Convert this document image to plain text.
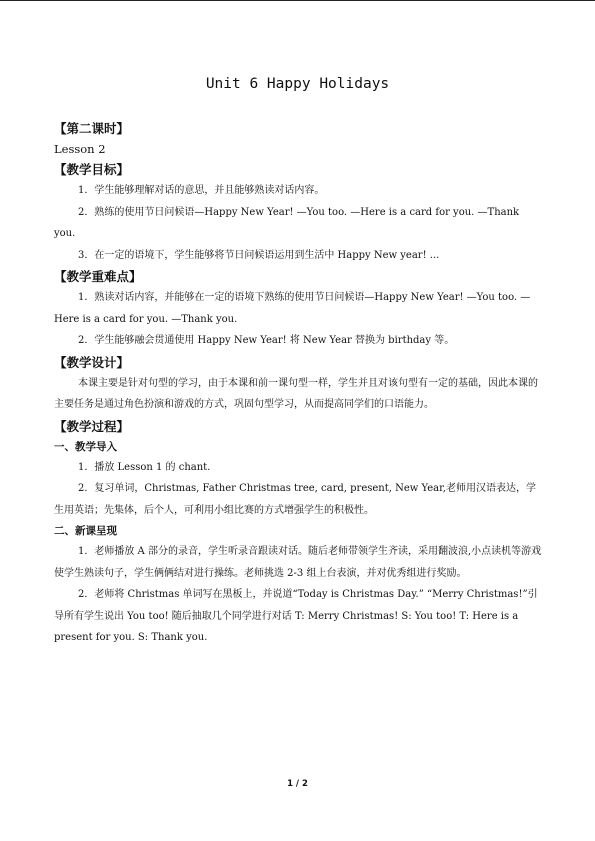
Unit 6 Happy Holidays

【第二课时】

Lesson 2

【教学目标】

1．学生能够理解对话的意思，并且能够熟读对话内容。

2．熟练的使用节日问候语—Happy New Year! —You too. —Here is a card for you. —Thank you.

3．在一定的语境下，学生能够将节日问候语运用到生活中 Happy New year! ...

【教学重难点】

1．熟读对话内容，并能够在一定的语境下熟练的使用节日问候语—Happy New Year! —You too. —Here is a card for you. —Thank you.

2．学生能够融会贯通使用 Happy New Year! 将 New Year 替换为 birthday 等。

【教学设计】

本课主要是针对句型的学习，由于本课和前一课句型一样，学生并且对该句型有一定的基础，因此本课的主要任务是通过角色扮演和游戏的方式，巩固句型学习，从而提高同学们的口语能力。

【教学过程】

一、教学导入

1．播放 Lesson 1 的 chant.

2．复习单词，Christmas, Father Christmas tree, card, present, New Year,老师用汉语表达，学生用英语；先集体，后个人，可利用小组比赛的方式增强学生的积极性。

二、新课呈现

1．老师播放 A 部分的录音，学生听录音跟读对话。随后老师带领学生齐读，采用翻波浪,小点读机等游戏使学生熟读句子，学生俩俩结对进行操练。老师挑选 2-3 组上台表演，并对优秀组进行奖励。

2．老师将 Christmas 单词写在黑板上，并说道“Today is Christmas Day.” “Merry Christmas!”引导所有学生说出 You too! 随后抽取几个同学进行对话 T: Merry Christmas! S: You too! T: Here is a present for you. S: Thank you.

1 / 2
